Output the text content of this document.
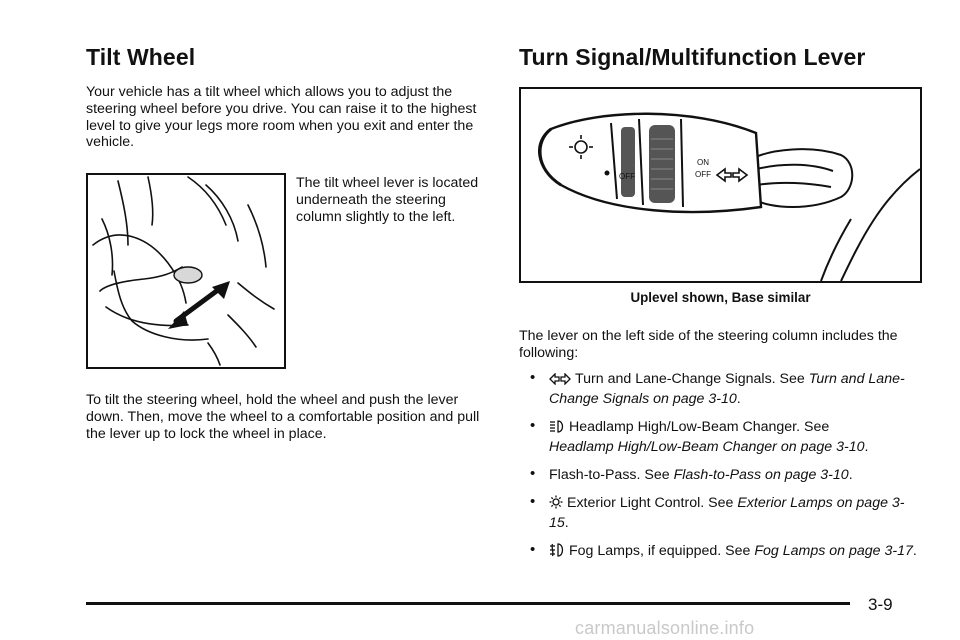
Tilt Wheel

Your vehicle has a tilt wheel which allows you to adjust the steering wheel before you drive. You can raise it to the highest level to give your legs more room when you exit and enter the vehicle.

The tilt wheel lever is located underneath the steering column slightly to the left.

To tilt the steering wheel, hold the wheel and push the lever down. Then, move the wheel to a comfortable position and pull the lever up to lock the wheel in place.

Turn Signal/Multifunction Lever
OFF
ON
OFF
Uplevel shown, Base similar

The lever on the left side of the steering column includes the following:

•	Turn and Lane-Change Signals. See Turn and Lane-Change Signals on page 3-10.
• Headlamp High/Low-Beam Changer. See
Headlamp High/Low-Beam Changer on page 3-10.
• Flash-to-Pass. See Flash-to-Pass on page 3-10.
• Exterior Light Control. See Exterior Lamps on page 3-15.
• Fog Lamps, if equipped. See Fog Lamps on page 3-17.
3-9
carmanualsonline.info
